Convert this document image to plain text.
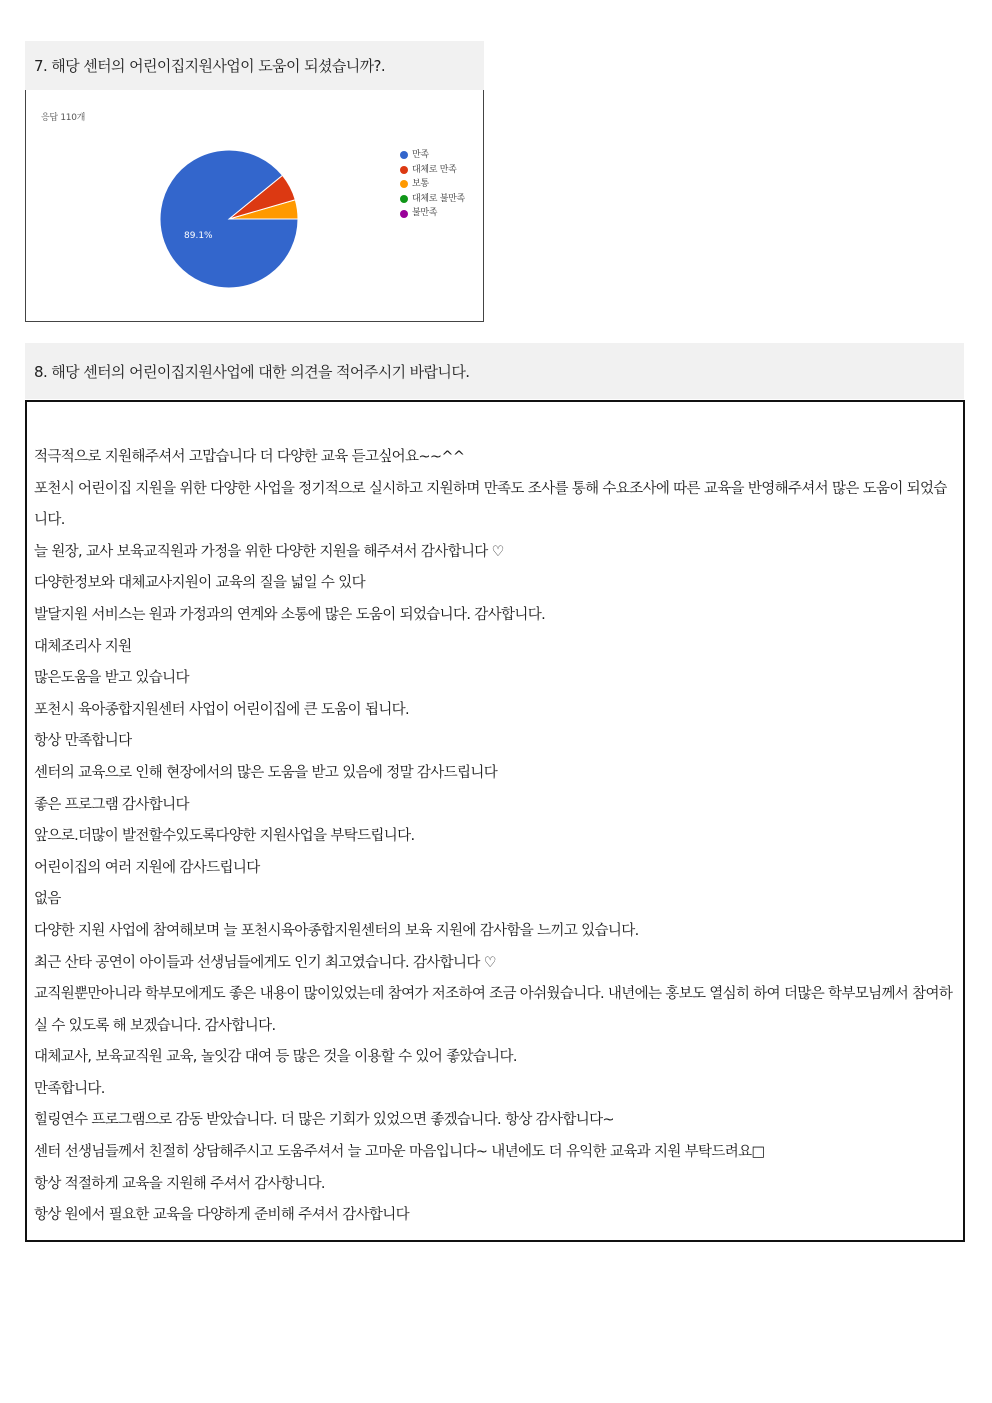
7. 해당 센터의 어린이집지원사업이 도움이 되셨습니까?.
응답 110개
89.1%
만족
대체로 만족
보통
대체로 불만족
불만족
8. 해당 센터의 어린이집지원사업에 대한 의견을 적어주시기 바랍니다.
적극적으로 지원해주셔서 고맙습니다 더 다양한 교육 듣고싶어요~~^^
포천시 어린이집 지원을 위한 다양한 사업을 정기적으로 실시하고 지원하며 만족도 조사를 통해 수요조사에 따른 교육을 반영해주셔서 많은 도움이 되었습니다.
늘 원장, 교사 보육교직원과 가정을 위한 다양한 지원을 해주셔서 감사합니다 ♡
다양한정보와 대체교사지원이 교육의 질을 넓일 수 있다
발달지원 서비스는 원과 가정과의 연계와 소통에 많은 도움이 되었습니다. 감사합니다.
대체조리사 지원
많은도움을 받고 있습니다
포천시 육아종합지원센터 사업이 어린이집에 큰 도움이 됩니다.
항상 만족합니다
센터의 교육으로 인해 현장에서의 많은 도움을 받고 있음에 정말 감사드립니다
좋은 프로그램 감사합니다
앞으로.더많이 발전할수있도록다양한 지원사업을 부탁드립니다.
어린이집의 여러 지원에 감사드립니다
없음
다양한 지원 사업에 참여해보며 늘 포천시육아종합지원센터의 보육 지원에 감사함을 느끼고 있습니다.
최근 산타 공연이 아이들과 선생님들에게도 인기 최고였습니다. 감사합니다 ♡
교직원뿐만아니라 학부모에게도 좋은 내용이 많이있었는데 참여가 저조하여 조금 아쉬웠습니다. 내년에는 홍보도 열심히 하여 더많은 학부모님께서 참여하실 수 있도록 해 보겠습니다. 감사합니다.
대체교사, 보육교직원 교육, 놀잇감 대여 등 많은 것을 이용할 수 있어 좋았습니다.
만족합니다.
힐링연수 프로그램으로 감동 받았습니다. 더 많은 기회가 있었으면 좋겠습니다. 항상 감사합니다~
센터 선생님들께서 친절히 상담해주시고 도움주셔서 늘 고마운 마음입니다~ 내년에도 더 유익한 교육과 지원 부탁드려요□
항상 적절하게 교육을 지원해 주셔서 감사항니다.
항상 원에서 필요한 교육을 다양하게 준비해 주셔서 감사합니다
